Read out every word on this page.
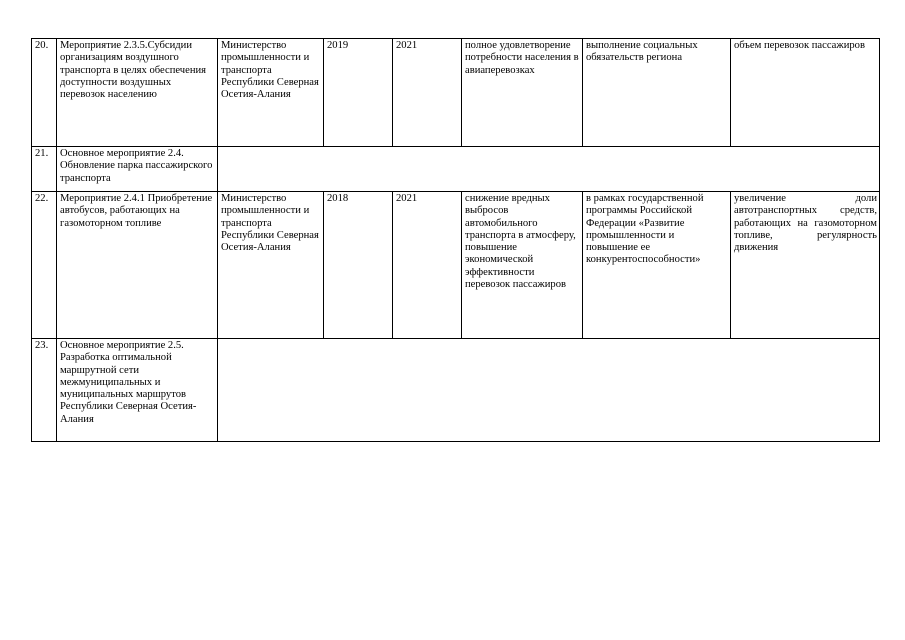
20.	Мероприятие 2.3.5.Субсидии организациям воздушного транспорта в целях обеспечения доступности воздушных перевозок населению	Министерство промышленности и транспорта Республики Северная Осетия-Алания	2019	2021	полное удовлетворение потребности населения в авиаперевозках	выполнение социальных обязательств региона	объем перевозок пассажиров
21.	Основное мероприятие 2.4. Обновление парка пассажирского транспорта						
22.	Мероприятие 2.4.1 Приобретение автобусов, работающих на газомоторном топливе	Министерство промышленности и транспорта Республики Северная Осетия-Алания	2018	2021	снижение вредных выбросов автомобильного транспорта в атмосферу, повышение экономической эффективности перевозок пассажиров	в рамках государственной программы Российской Федерации «Развитие промышленности и повышение ее конкурентоспособности»	увеличение доли автотранспортных средств, работающих на газомоторном топливе, регулярность движения
23.	Основное мероприятие 2.5. Разработка оптимальной маршрутной сети межмуниципальных и муниципальных маршрутов Республики Северная Осетия-Алания						
